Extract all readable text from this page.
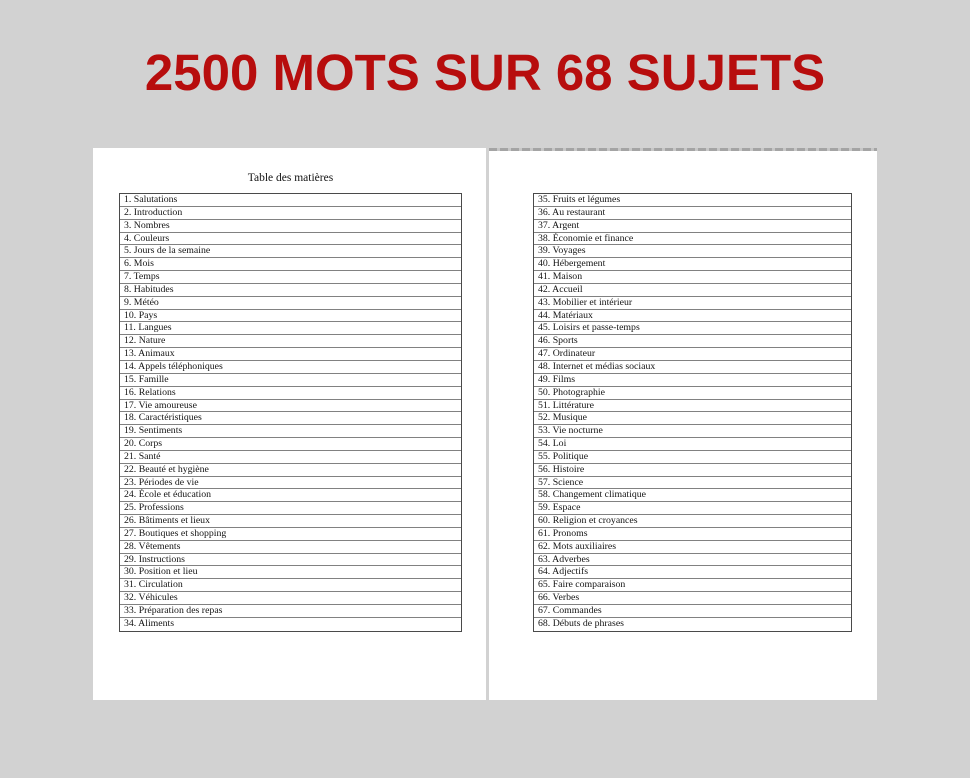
2500 MOTS SUR 68 SUJETS
Table des matières
1. Salutations
2. Introduction
3. Nombres
4. Couleurs
5. Jours de la semaine
6. Mois
7. Temps
8. Habitudes
9. Météo
10. Pays
11. Langues
12. Nature
13. Animaux
14. Appels téléphoniques
15. Famille
16. Relations
17. Vie amoureuse
18. Caractéristiques
19. Sentiments
20. Corps
21. Santé
22. Beauté et hygiène
23. Périodes de vie
24. École et éducation
25. Professions
26. Bâtiments et lieux
27. Boutiques et shopping
28. Vêtements
29. Instructions
30. Position et lieu
31. Circulation
32. Véhicules
33. Préparation des repas
34. Aliments
35. Fruits et légumes
36. Au restaurant
37. Argent
38. Économie et finance
39. Voyages
40. Hébergement
41. Maison
42. Accueil
43. Mobilier et intérieur
44. Matériaux
45. Loisirs et passe-temps
46. Sports
47. Ordinateur
48. Internet et médias sociaux
49. Films
50. Photographie
51. Littérature
52. Musique
53. Vie nocturne
54. Loi
55. Politique
56. Histoire
57. Science
58. Changement climatique
59. Espace
60. Religion et croyances
61. Pronoms
62. Mots auxiliaires
63. Adverbes
64. Adjectifs
65. Faire comparaison
66. Verbes
67. Commandes
68. Débuts de phrases
